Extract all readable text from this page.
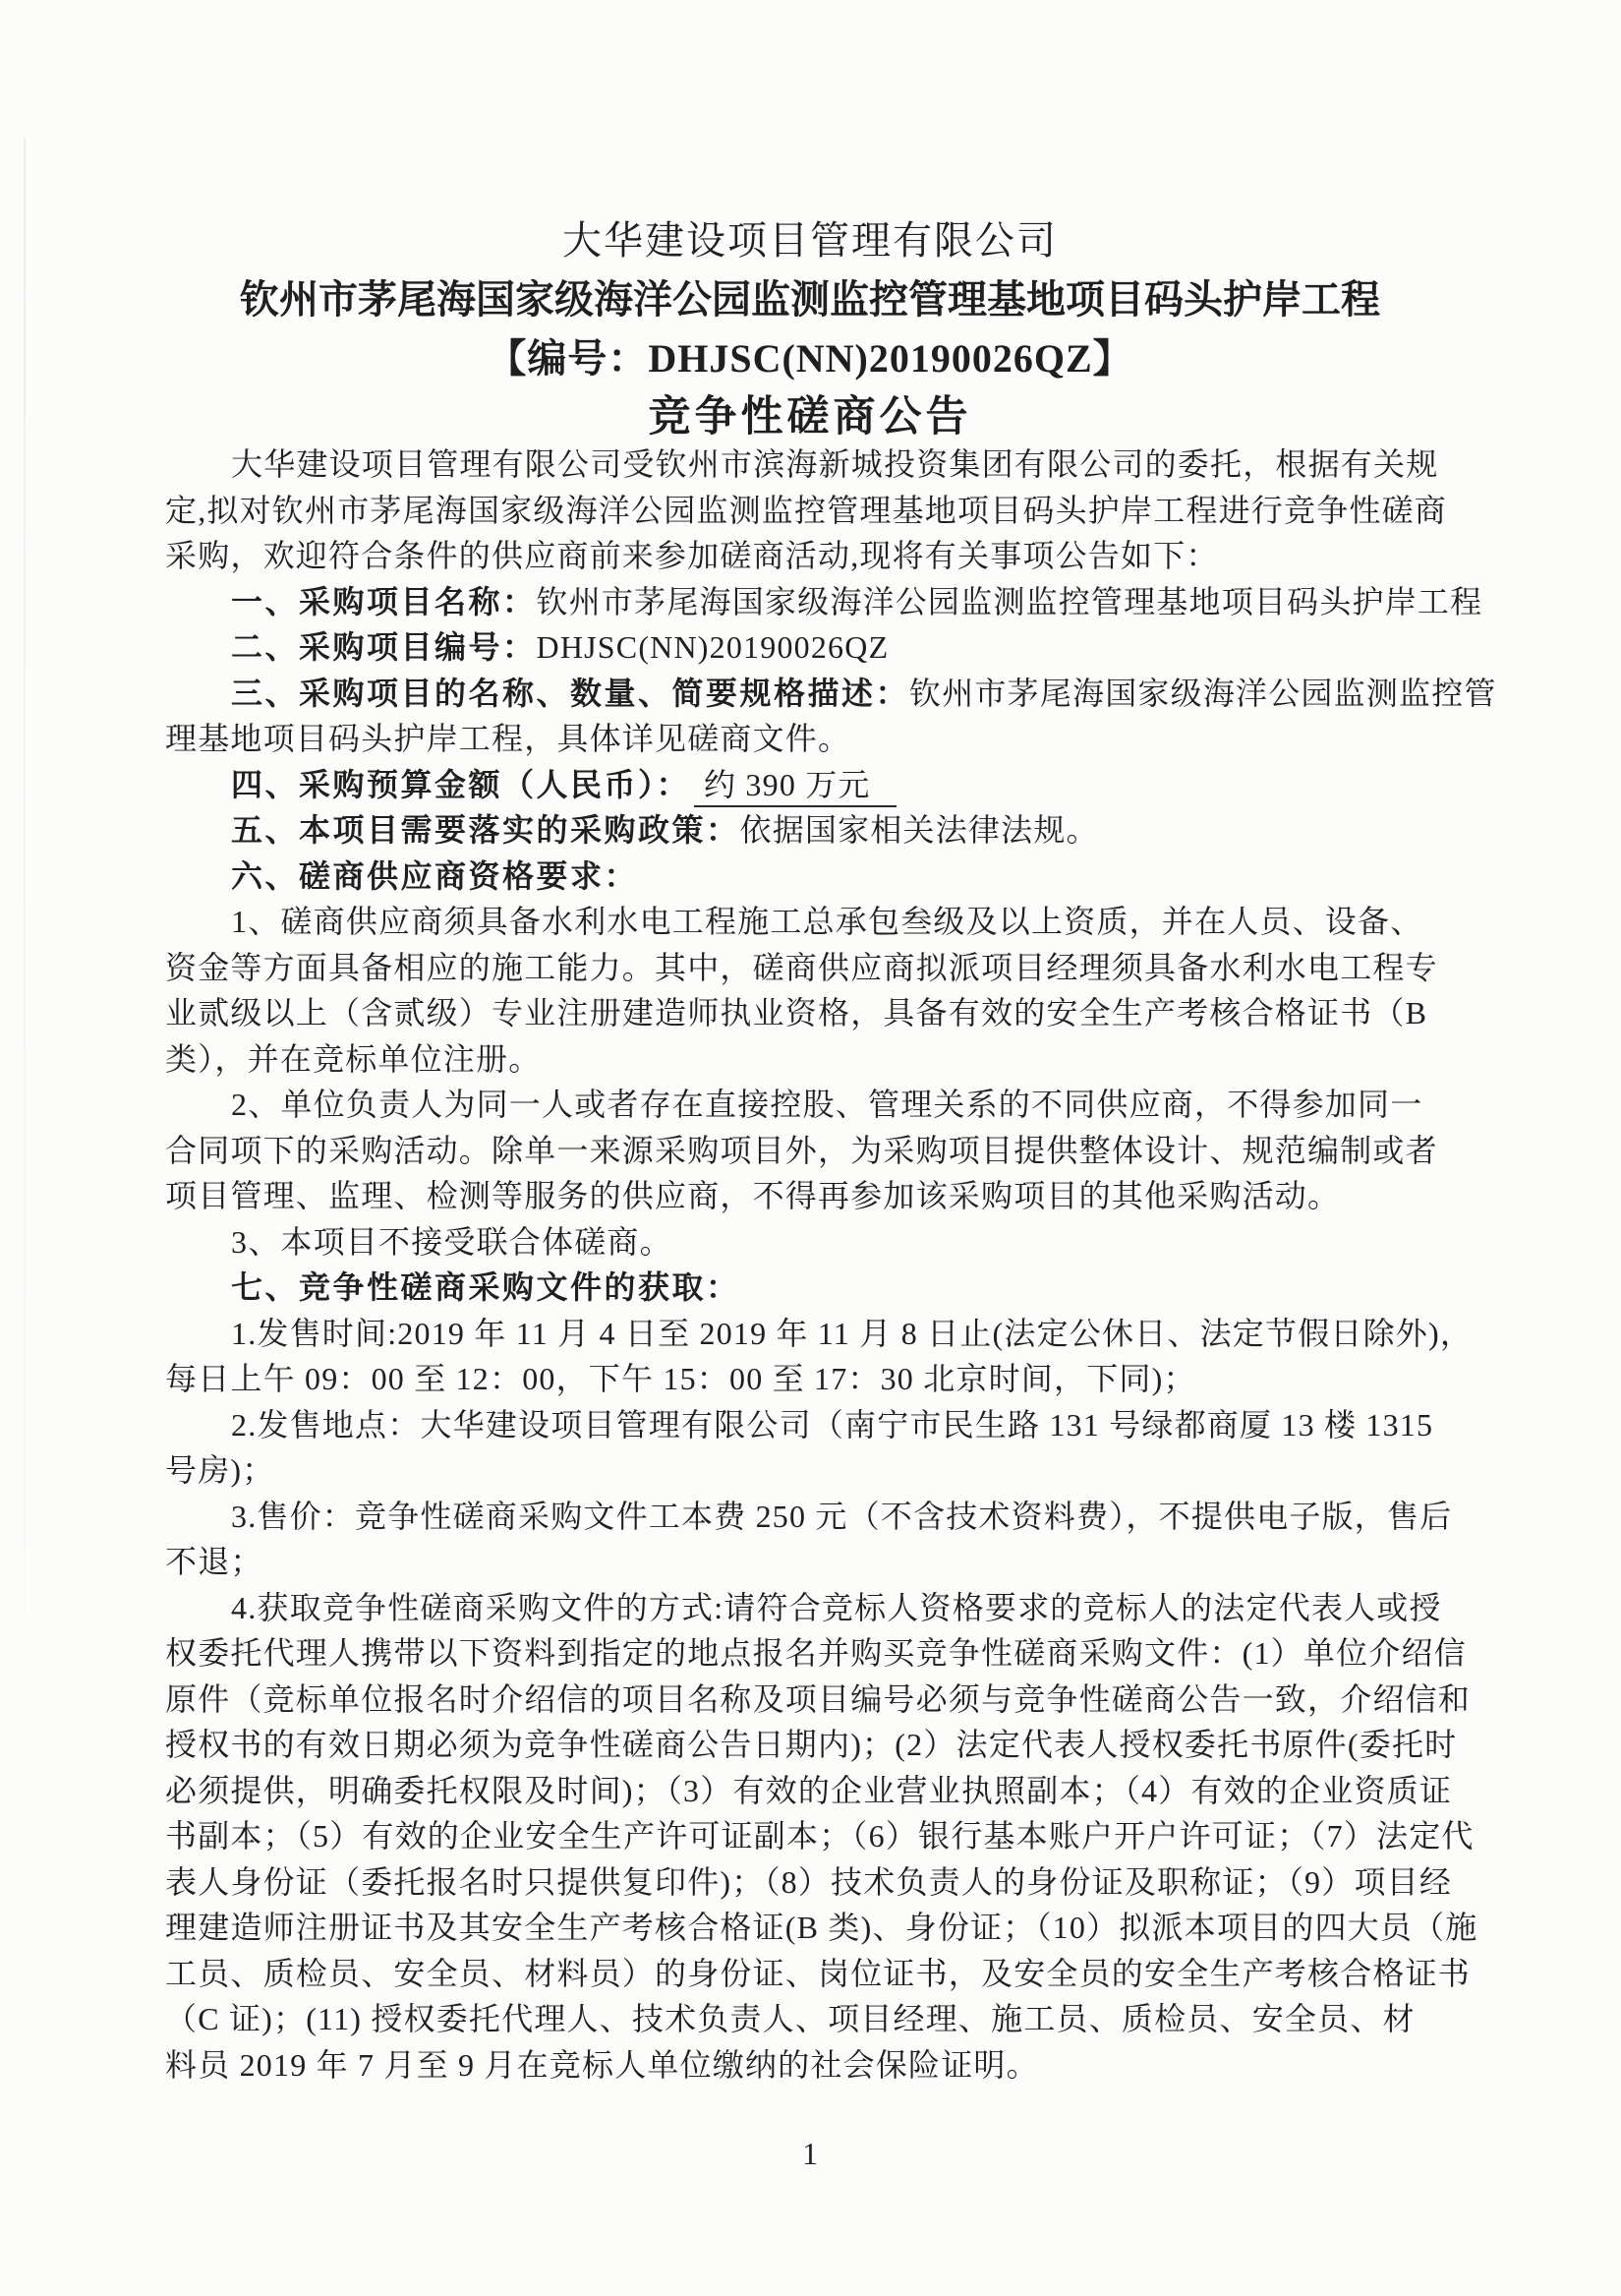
大华建设项目管理有限公司
钦州市茅尾海国家级海洋公园监测监控管理基地项目码头护岸工程
【编号：DHJSC(NN)20190026QZ】
竞争性磋商公告
大华建设项目管理有限公司受钦州市滨海新城投资集团有限公司的委托，根据有关规
定,拟对钦州市茅尾海国家级海洋公园监测监控管理基地项目码头护岸工程进行竞争性磋商
采购，欢迎符合条件的供应商前来参加磋商活动,现将有关事项公告如下：
一、采购项目名称：钦州市茅尾海国家级海洋公园监测监控管理基地项目码头护岸工程
二、采购项目编号：DHJSC(NN)20190026QZ
三、采购项目的名称、数量、简要规格描述：钦州市茅尾海国家级海洋公园监测监控管
理基地项目码头护岸工程，具体详见磋商文件。
四、采购预算金额（人民币）： 约 390 万元
五、本项目需要落实的采购政策：依据国家相关法律法规。
六、磋商供应商资格要求：
1、磋商供应商须具备水利水电工程施工总承包叁级及以上资质，并在人员、设备、
资金等方面具备相应的施工能力。其中，磋商供应商拟派项目经理须具备水利水电工程专
业贰级以上（含贰级）专业注册建造师执业资格，具备有效的安全生产考核合格证书（B
类），并在竞标单位注册。
2、单位负责人为同一人或者存在直接控股、管理关系的不同供应商，不得参加同一
合同项下的采购活动。除单一来源采购项目外，为采购项目提供整体设计、规范编制或者
项目管理、监理、检测等服务的供应商，不得再参加该采购项目的其他采购活动。
3、本项目不接受联合体磋商。
七、竞争性磋商采购文件的获取：
1.发售时间:2019 年 11 月 4 日至 2019 年 11 月 8 日止(法定公休日、法定节假日除外)，
每日上午 09：00 至 12：00，下午 15：00 至 17：30 北京时间，下同)；
2.发售地点：大华建设项目管理有限公司（南宁市民生路 131 号绿都商厦 13 楼 1315
号房)；
3.售价：竞争性磋商采购文件工本费 250 元（不含技术资料费），不提供电子版，售后
不退；
4.获取竞争性磋商采购文件的方式:请符合竞标人资格要求的竞标人的法定代表人或授
权委托代理人携带以下资料到指定的地点报名并购买竞争性磋商采购文件：(1）单位介绍信
原件（竞标单位报名时介绍信的项目名称及项目编号必须与竞争性磋商公告一致，介绍信和
授权书的有效日期必须为竞争性磋商公告日期内)；(2）法定代表人授权委托书原件(委托时
必须提供，明确委托权限及时间)；（3）有效的企业营业执照副本；（4）有效的企业资质证
书副本；（5）有效的企业安全生产许可证副本；（6）银行基本账户开户许可证；（7）法定代
表人身份证（委托报名时只提供复印件)；（8）技术负责人的身份证及职称证；（9）项目经
理建造师注册证书及其安全生产考核合格证(B 类)、身份证；（10）拟派本项目的四大员（施
工员、质检员、安全员、材料员）的身份证、岗位证书，及安全员的安全生产考核合格证书
（C 证)；(11) 授权委托代理人、技术负责人、项目经理、施工员、质检员、安全员、材
料员 2019 年 7 月至 9 月在竞标人单位缴纳的社会保险证明。
1
